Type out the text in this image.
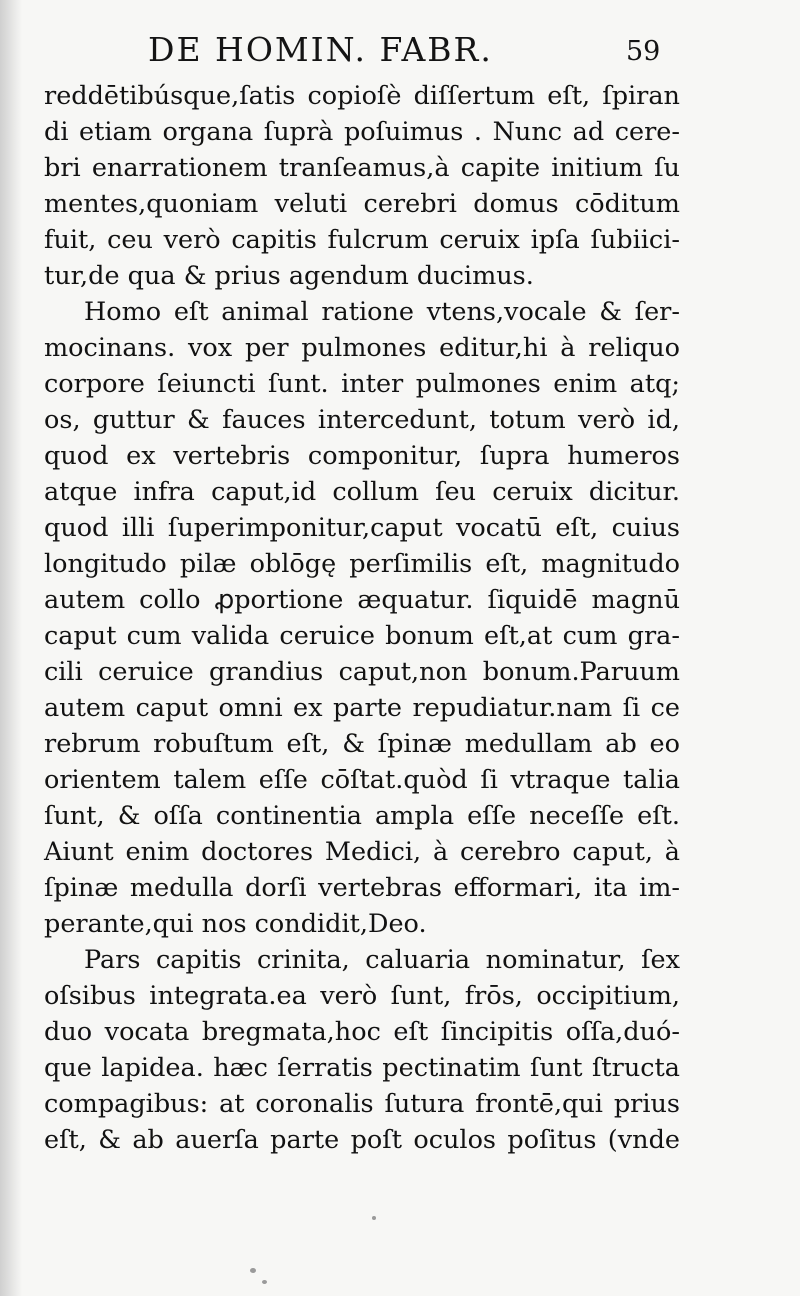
DE HOMIN. FABR.	59
reddētibúsque,ſatis copioſè diſſertum eſt, ſpiran
di etiam organa ſuprà poſuimus . Nunc ad cere-
bri enarrationem tranſeamus,à capite initium ſu
mentes,quoniam veluti cerebri domus cōditum
fuit, ceu verò capitis fulcrum ceruix ipſa ſubiici-
tur,de qua & prius agendum ducimus.
Homo eſt animal ratione vtens,vocale & ſer-
mocinans. vox per pulmones editur,hi à reliquo
corpore ſeiuncti ſunt. inter pulmones enim atq;
os, guttur & fauces intercedunt, totum verò id,
quod ex vertebris componitur, ſupra humeros
atque infra caput,id collum ſeu ceruix dicitur.
quod illi ſuperimponitur,caput vocatū eſt, cuius
longitudo pilæ oblōgę perſimilis eſt, magnitudo
autem collo ꝓportione æquatur. ſiquidē magnū
caput cum valida ceruice bonum eſt,at cum gra-
cili ceruice grandius caput,non bonum.Paruum
autem caput omni ex parte repudiatur.nam ſi ce
rebrum robuſtum eſt, & ſpinæ medullam ab eo
orientem talem eſſe cōſtat.quòd ſi vtraque talia
ſunt, & oſſa continentia ampla eſſe neceſſe eſt.
Aiunt enim doctores Medici, à cerebro caput, à
ſpinæ medulla dorſi vertebras efformari, ita im-
perante,qui nos condidit,Deo.
Pars capitis crinita, caluaria nominatur, ſex
oſsibus integrata.ea verò ſunt, frōs, occipitium,
duo vocata bregmata,hoc eſt ſincipitis oſſa,duó-
que lapidea. hæc ſerratis pectinatim ſunt ſtructa
compagibus: at coronalis ſutura frontē,qui prius
eſt, & ab auerſa parte poſt oculos poſitus (vnde
